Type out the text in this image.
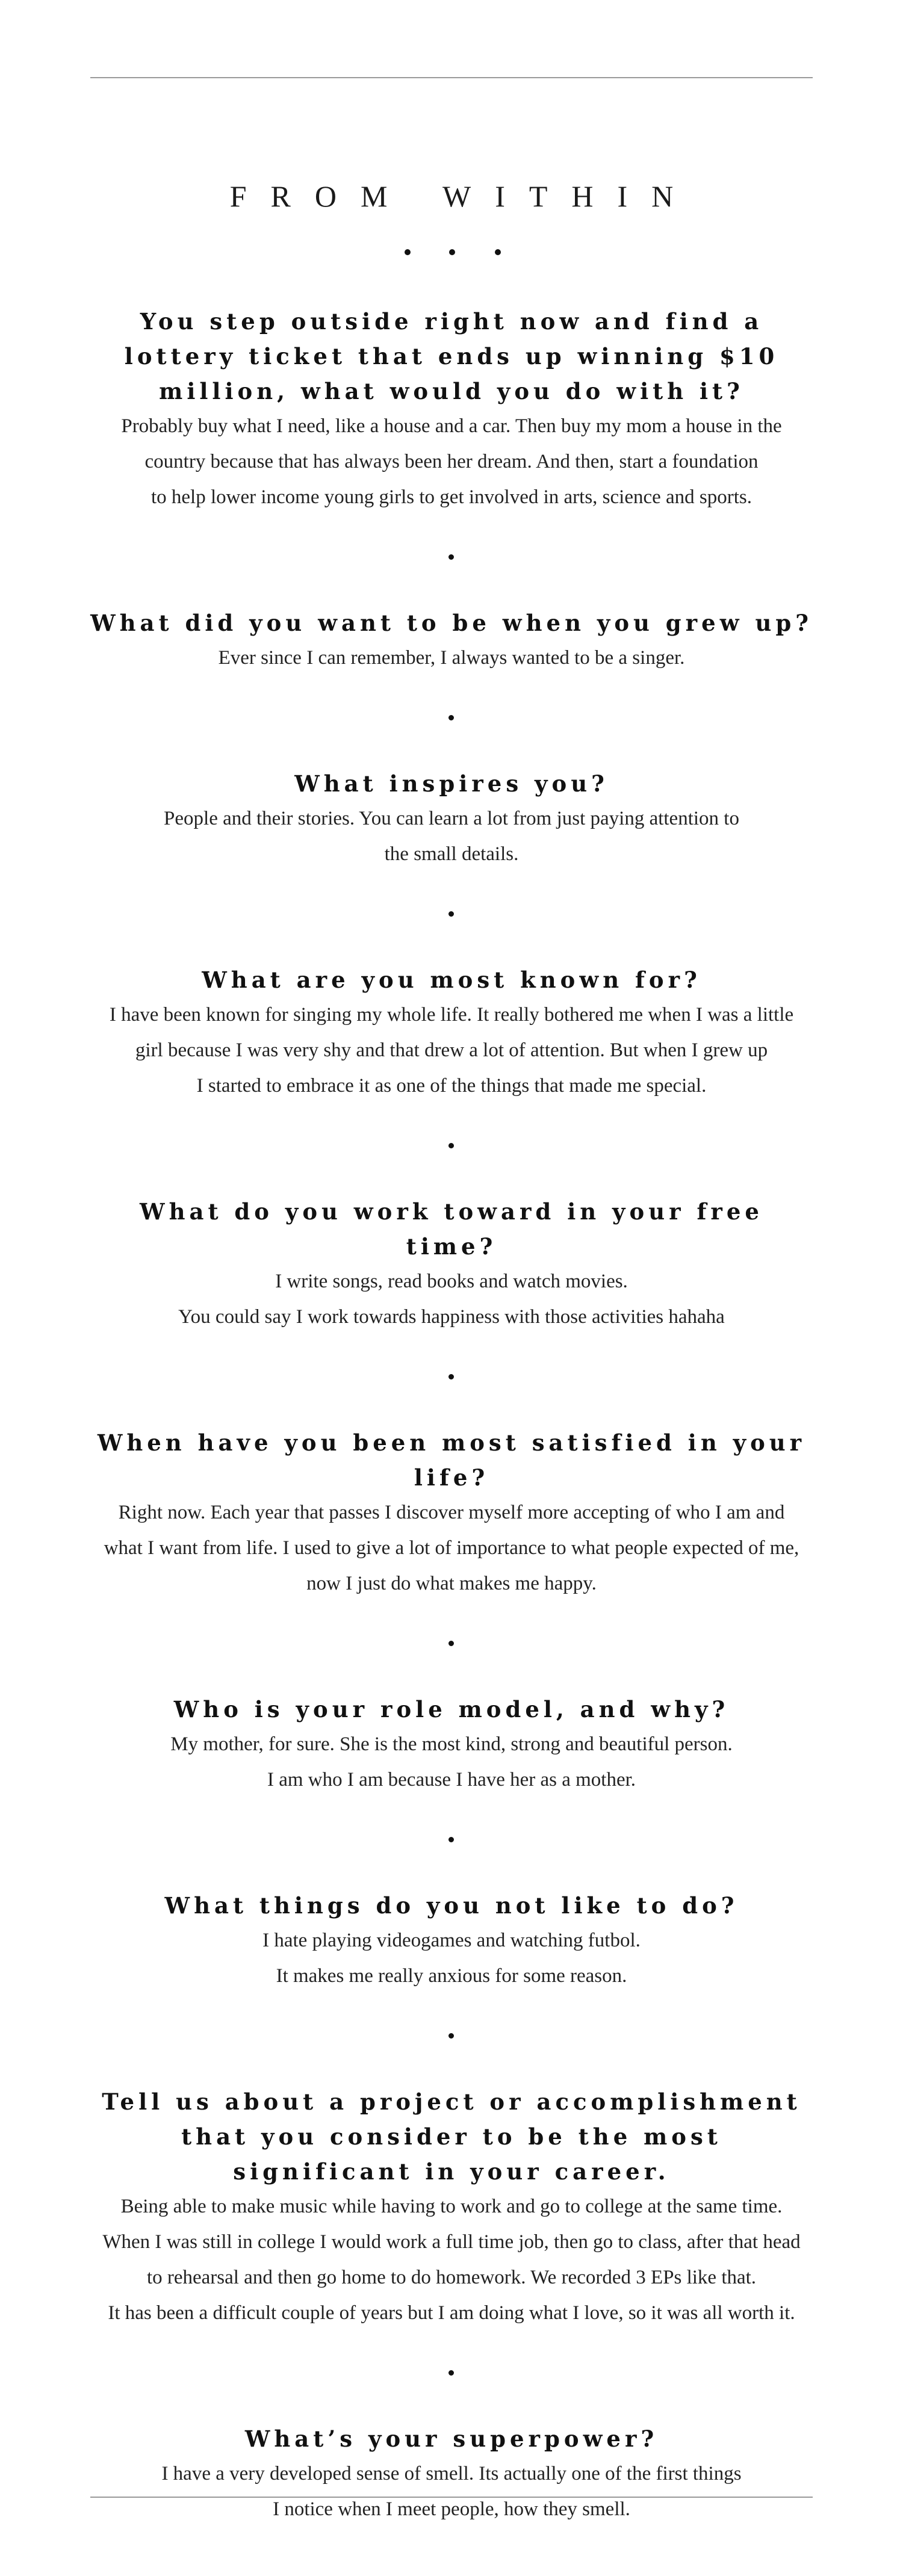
FROM WITHIN
You step outside right now and find a lottery ticket that ends up winning $10 million, what would you do with it?

Probably buy what I need, like a house and a car. Then buy my mom a house in the
country because that has always been her dream. And then, start a foundation
to help lower income young girls to get involved in arts, science and sports.

What did you want to be when you grew up?

Ever since I can remember, I always wanted to be a singer.

What inspires you?

People and their stories. You can learn a lot from just paying attention to
the small details.

What are you most known for?

I have been known for singing my whole life. It really bothered me when I was a little
girl because I was very shy and that drew a lot of attention. But when I grew up
I started to embrace it as one of the things that made me special.

What do you work toward in your free time?

I write songs, read books and watch movies.
You could say I work towards happiness with those activities hahaha

When have you been most satisfied in your life?

Right now. Each year that passes I discover myself more accepting of who I am and
what I want from life. I used to give a lot of importance to what people expected of me,
now I just do what makes me happy.

Who is your role model, and why?

My mother, for sure. She is the most kind, strong and beautiful person.
I am who I am because I have her as a mother.

What things do you not like to do?

I hate playing videogames and watching futbol.
It makes me really anxious for some reason.

Tell us about a project or accomplishment that you consider to be the most significant in your career.

Being able to make music while having to work and go to college at the same time.
When I was still in college I would work a full time job, then go to class, after that head
to rehearsal and then go home to do homework. We recorded 3 EPs like that.
It has been a difficult couple of years but I am doing what I love, so it was all worth it.

What’s your superpower?

I have a very developed sense of smell. Its actually one of the first things
I notice when I meet people, how they smell.
